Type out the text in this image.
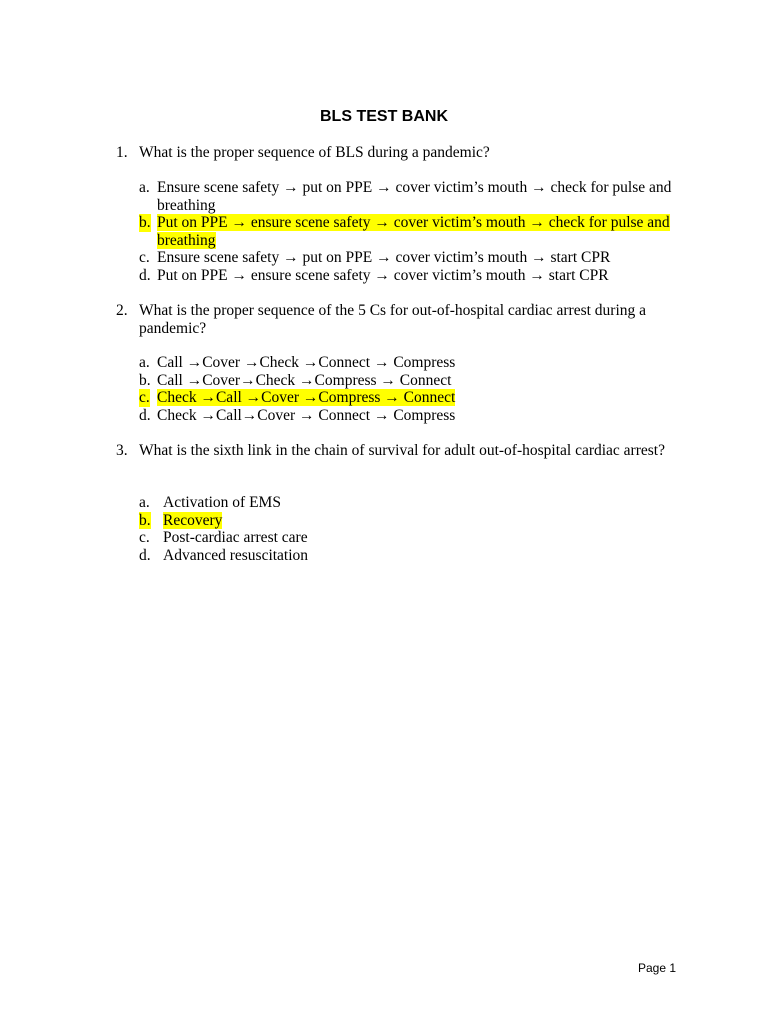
BLS TEST BANK
1. What is the proper sequence of BLS during a pandemic?
a. Ensure scene safety → put on PPE → cover victim’s mouth → check for pulse and breathing
b. Put on PPE → ensure scene safety → cover victim’s mouth → check for pulse and breathing
c. Ensure scene safety → put on PPE → cover victim’s mouth → start CPR
d. Put on PPE → ensure scene safety → cover victim’s mouth → start CPR
2. What is the proper sequence of the 5 Cs for out-of-hospital cardiac arrest during a pandemic?
a. Call →Cover →Check →Connect → Compress
b. Call →Cover→Check →Compress → Connect
c. Check →Call →Cover →Compress → Connect
d. Check →Call→Cover → Connect → Compress
3. What is the sixth link in the chain of survival for adult out-of-hospital cardiac arrest?
a. Activation of EMS
b. Recovery
c. Post-cardiac arrest care
d. Advanced resuscitation
Page 1
